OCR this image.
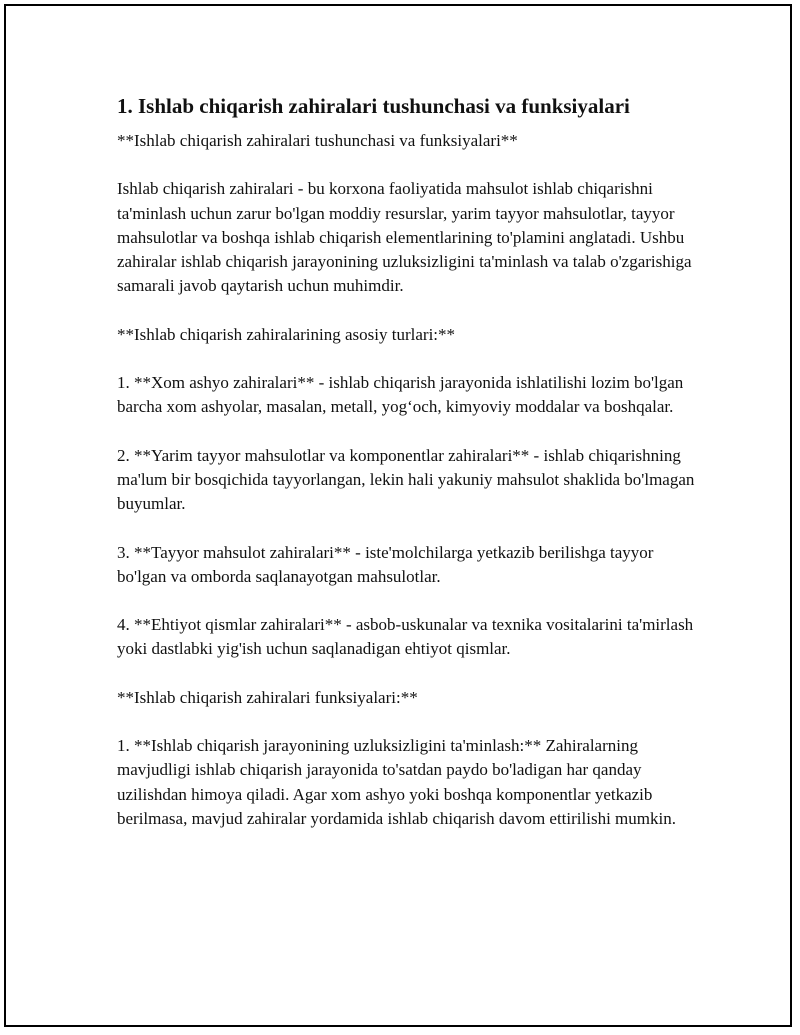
1. Ishlab chiqarish zahiralari tushunchasi va funksiyalari

**Ishlab chiqarish zahiralari tushunchasi va funksiyalari**

Ishlab chiqarish zahiralari - bu korxona faoliyatida mahsulot ishlab chiqarishni ta'minlash uchun zarur bo'lgan moddiy resurslar, yarim tayyor mahsulotlar, tayyor mahsulotlar va boshqa ishlab chiqarish elementlarining to'plamini anglatadi. Ushbu zahiralar ishlab chiqarish jarayonining uzluksizligini ta'minlash va talab o'zgarishiga samarali javob qaytarish uchun muhimdir.

**Ishlab chiqarish zahiralarining asosiy turlari:**

1. **Xom ashyo zahiralari** - ishlab chiqarish jarayonida ishlatilishi lozim bo'lgan barcha xom ashyolar, masalan, metall, yog‘och, kimyoviy moddalar va boshqalar.

2. **Yarim tayyor mahsulotlar va komponentlar zahiralari** - ishlab chiqarishning ma'lum bir bosqichida tayyorlangan, lekin hali yakuniy mahsulot shaklida bo'lmagan buyumlar.

3. **Tayyor mahsulot zahiralari** - iste'molchilarga yetkazib berilishga tayyor bo'lgan va omborda saqlanayotgan mahsulotlar.

4. **Ehtiyot qismlar zahiralari** - asbob-uskunalar va texnika vositalarini ta'mirlash yoki dastlabki yig'ish uchun saqlanadigan ehtiyot qismlar.

**Ishlab chiqarish zahiralari funksiyalari:**

1. **Ishlab chiqarish jarayonining uzluksizligini ta'minlash:** Zahiralarning mavjudligi ishlab chiqarish jarayonida to'satdan paydo bo'ladigan har qanday uzilishdan himoya qiladi. Agar xom ashyo yoki boshqa komponentlar yetkazib berilmasa, mavjud zahiralar yordamida ishlab chiqarish davom ettirilishi mumkin.
